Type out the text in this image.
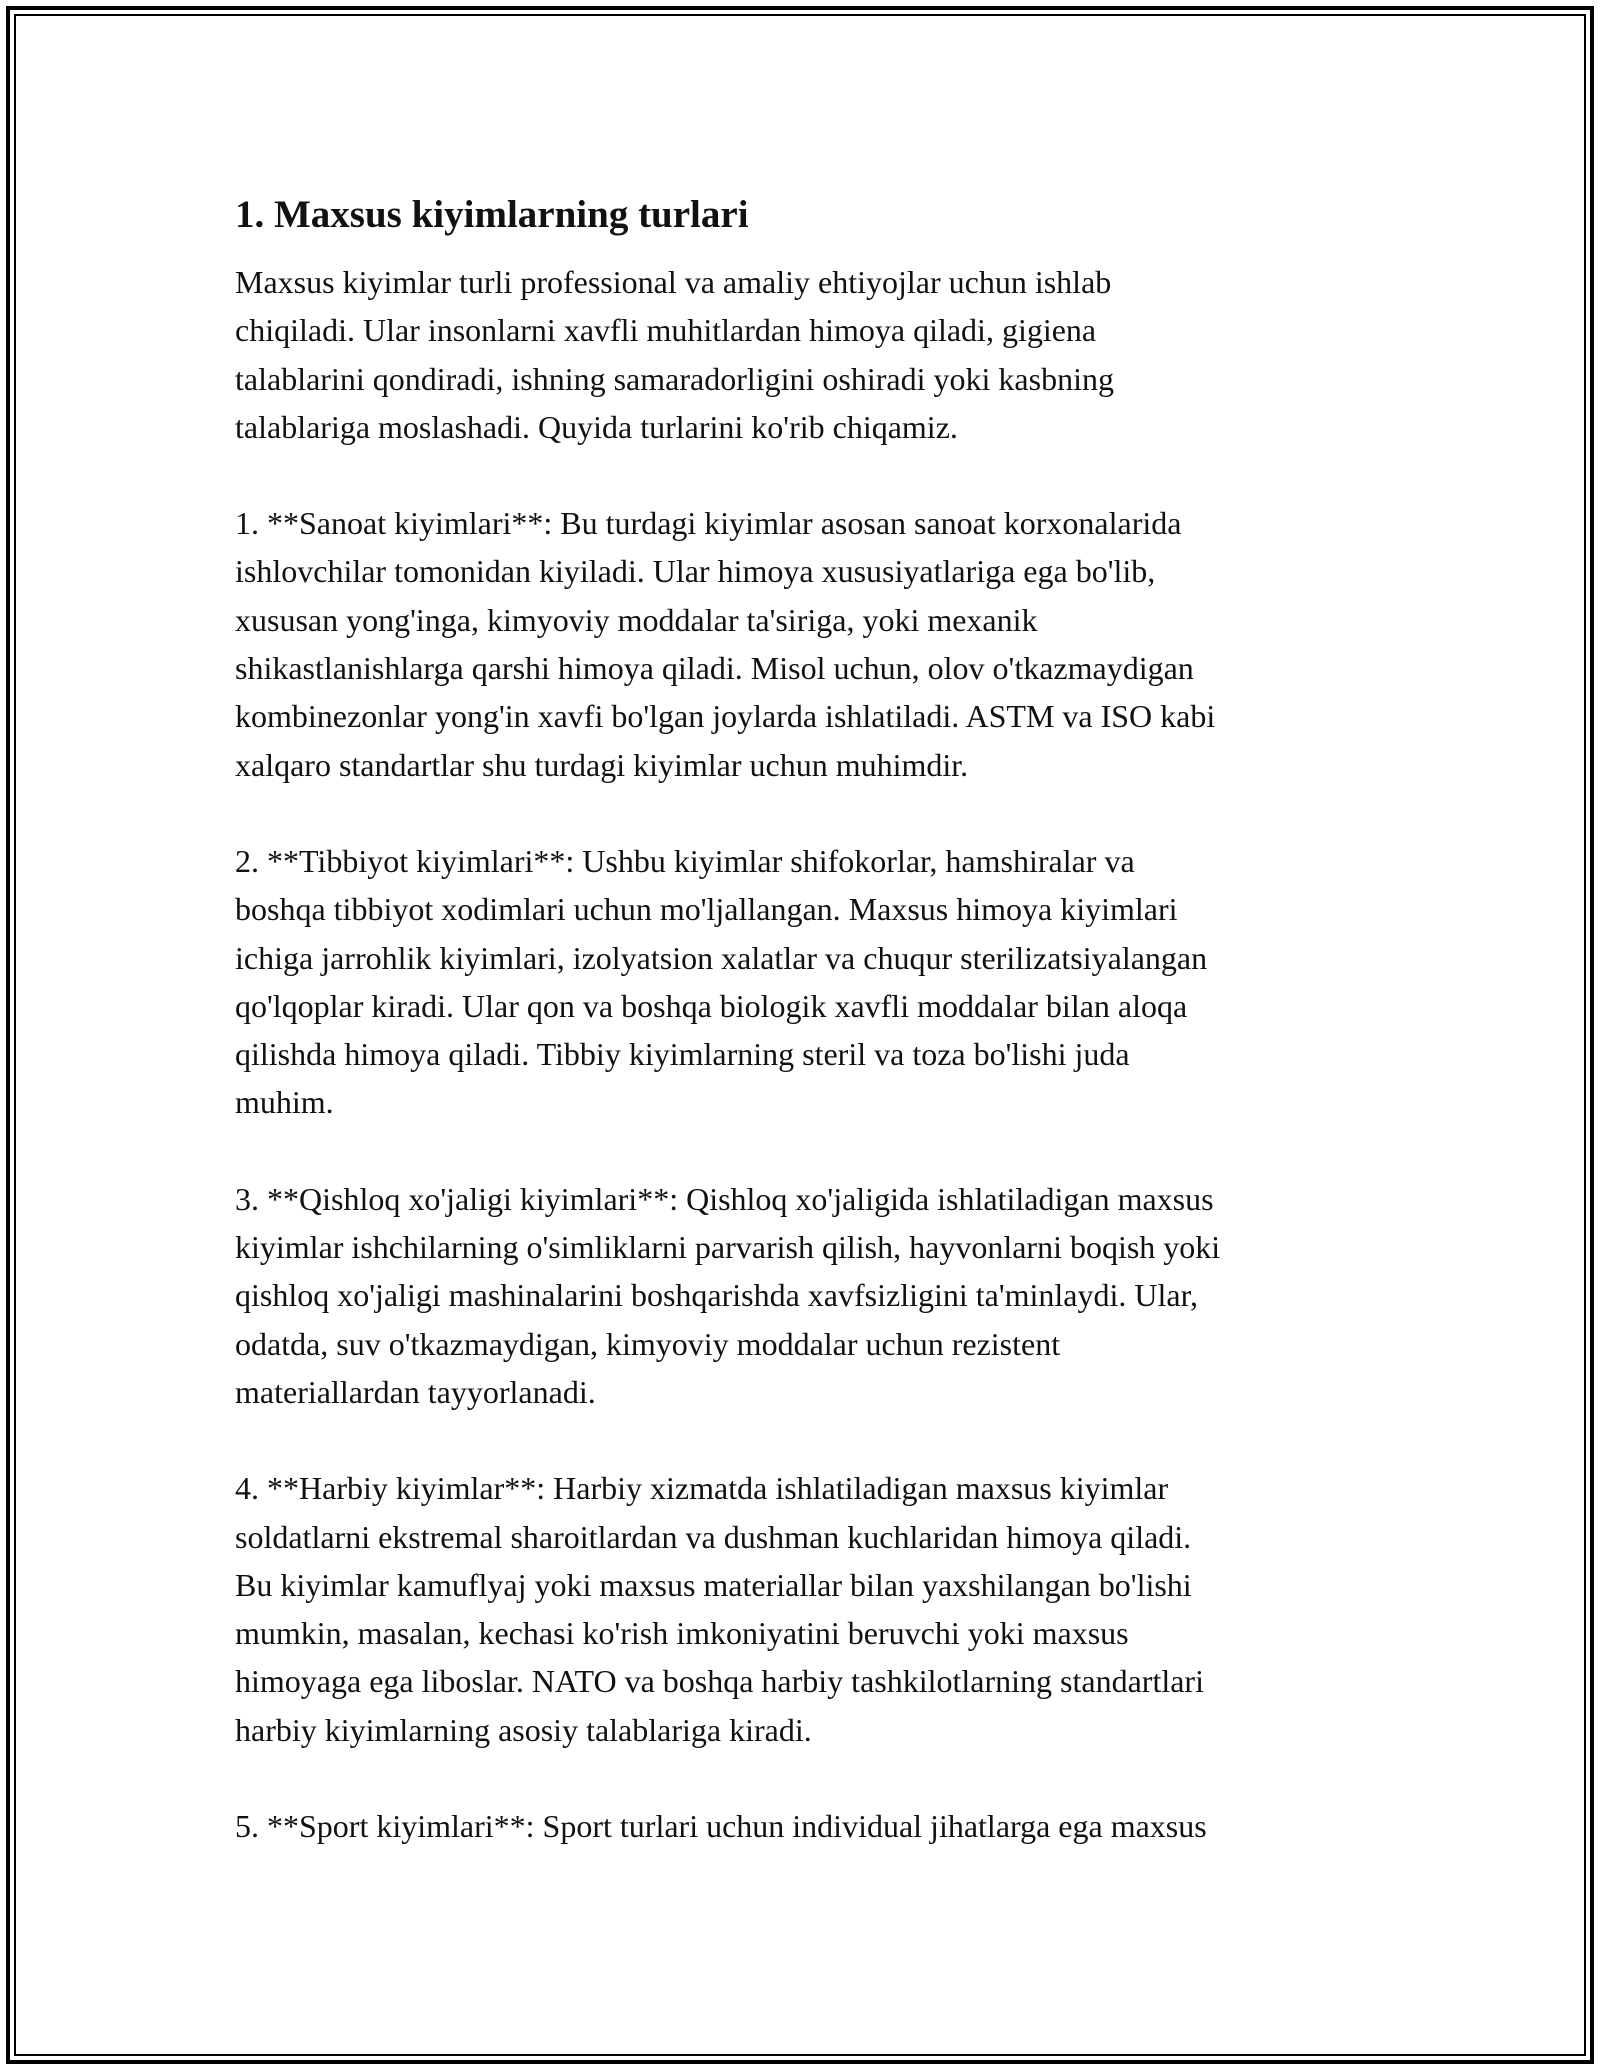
1. Maxsus kiyimlarning turlari

Maxsus kiyimlar turli professional va amaliy ehtiyojlar uchun ishlab
chiqiladi. Ular insonlarni xavfli muhitlardan himoya qiladi, gigiena
talablarini qondiradi, ishning samaradorligini oshiradi yoki kasbning
talablariga moslashadi. Quyida turlarini ko'rib chiqamiz.

1. **Sanoat kiyimlari**: Bu turdagi kiyimlar asosan sanoat korxonalarida
ishlovchilar tomonidan kiyiladi. Ular himoya xususiyatlariga ega bo'lib,
xususan yong'inga, kimyoviy moddalar ta'siriga, yoki mexanik
shikastlanishlarga qarshi himoya qiladi. Misol uchun, olov o'tkazmaydigan
kombinezonlar yong'in xavfi bo'lgan joylarda ishlatiladi. ASTM va ISO kabi
xalqaro standartlar shu turdagi kiyimlar uchun muhimdir.

2. **Tibbiyot kiyimlari**: Ushbu kiyimlar shifokorlar, hamshiralar va
boshqa tibbiyot xodimlari uchun mo'ljallangan. Maxsus himoya kiyimlari
ichiga jarrohlik kiyimlari, izolyatsion xalatlar va chuqur sterilizatsiyalangan
qo'lqoplar kiradi. Ular qon va boshqa biologik xavfli moddalar bilan aloqa
qilishda himoya qiladi. Tibbiy kiyimlarning steril va toza bo'lishi juda
muhim.

3. **Qishloq xo'jaligi kiyimlari**: Qishloq xo'jaligida ishlatiladigan maxsus
kiyimlar ishchilarning o'simliklarni parvarish qilish, hayvonlarni boqish yoki
qishloq xo'jaligi mashinalarini boshqarishda xavfsizligini ta'minlaydi. Ular,
odatda, suv o'tkazmaydigan, kimyoviy moddalar uchun rezistent
materiallardan tayyorlanadi.

4. **Harbiy kiyimlar**: Harbiy xizmatda ishlatiladigan maxsus kiyimlar
soldatlarni ekstremal sharoitlardan va dushman kuchlaridan himoya qiladi.
Bu kiyimlar kamuflyaj yoki maxsus materiallar bilan yaxshilangan bo'lishi
mumkin, masalan, kechasi ko'rish imkoniyatini beruvchi yoki maxsus
himoyaga ega liboslar. NATO va boshqa harbiy tashkilotlarning standartlari
harbiy kiyimlarning asosiy talablariga kiradi.

5. **Sport kiyimlari**: Sport turlari uchun individual jihatlarga ega maxsus
